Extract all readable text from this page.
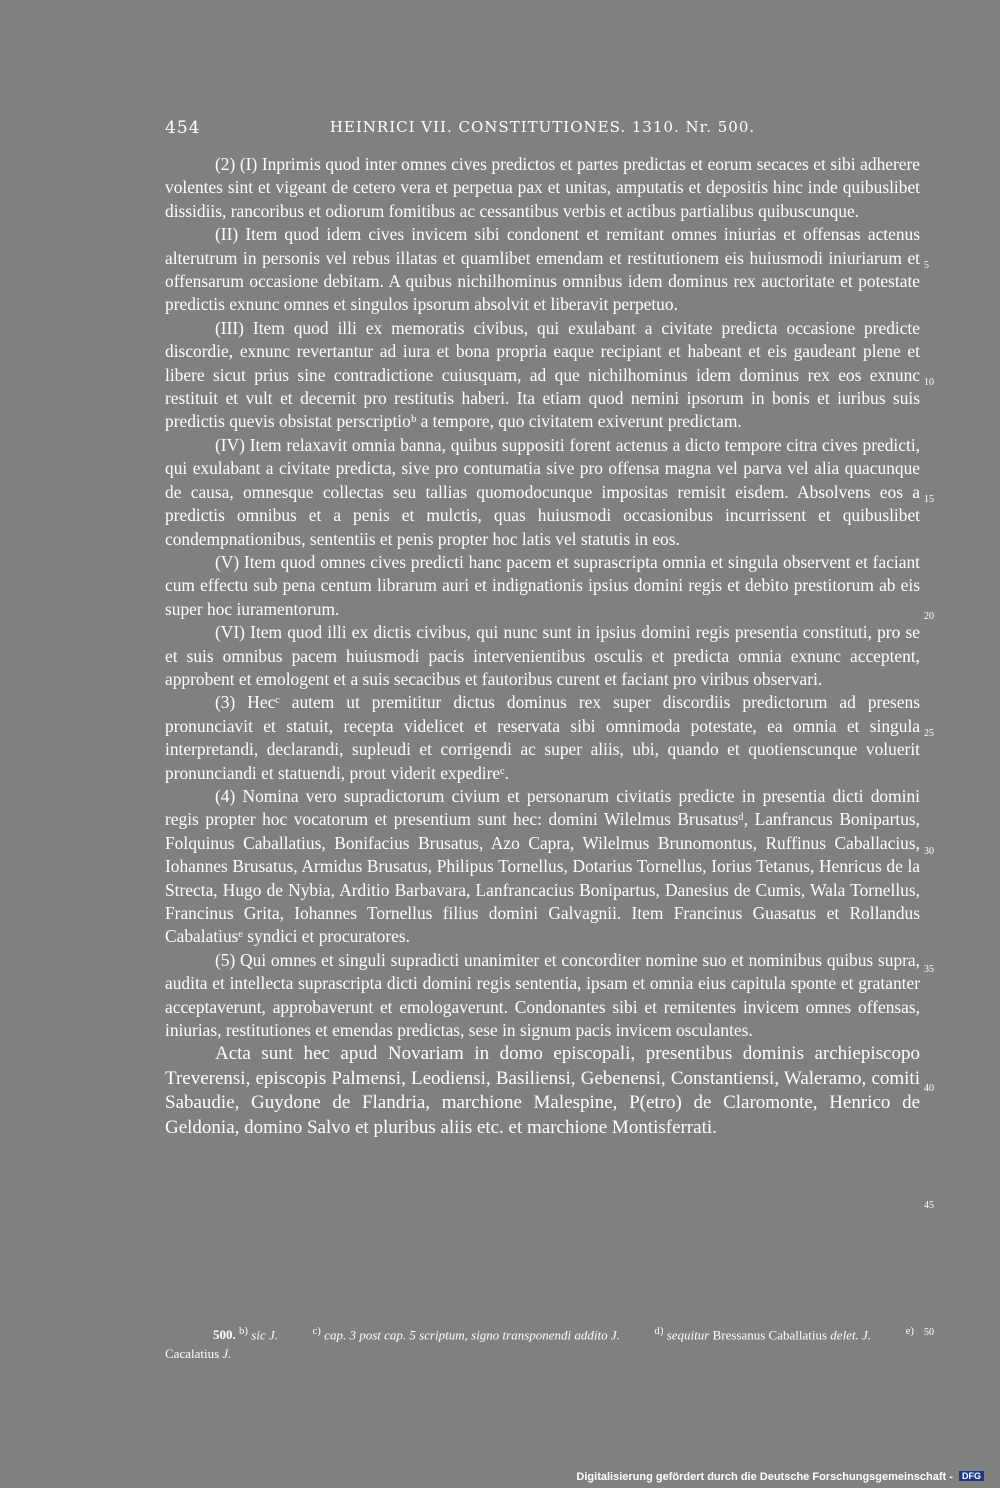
454	HEINRICI VII. CONSTITUTIONES. 1310. Nr. 500.

(2) (I) Inprimis quod inter omnes cives predictos et partes predictas et eorum secaces et sibi adherere volentes sint et vigeant de cetero vera et perpetua pax et unitas, amputatis et depositis hinc inde quibuslibet dissidiis, rancoribus et odiorum fomitibus ac cessantibus verbis et actibus partialibus quibuscunque.

(II) Item quod idem cives invicem sibi condonent et remitant omnes iniurias et offensas actenus alterutrum in personis vel rebus illatas et quamlibet emendam et restitutionem eis huiusmodi iniuriarum et offensarum occasione debitam. A quibus nichilhominus omnibus idem dominus rex auctoritate et potestate predictis exnunc omnes et singulos ipsorum absolvit et liberavit perpetuo.

(III) Item quod illi ex memoratis civibus, qui exulabant a civitate predicta occasione predicte discordie, exnunc revertantur ad iura et bona propria eaque recipiant et habeant et eis gaudeant plene et libere sicut prius sine contradictione cuiusquam, ad que nichilhominus idem dominus rex eos exnunc restituit et vult et decernit pro restitutis haberi. Ita etiam quod nemini ipsorum in bonis et iuribus suis predictis quevis obsistat perscriptioᵇ a tempore, quo civitatem exiverunt predictam.

(IV) Item relaxavit omnia banna, quibus suppositi forent actenus a dicto tempore citra cives predicti, qui exulabant a civitate predicta, sive pro contumatia sive pro offensa magna vel parva vel alia quacunque de causa, omnesque collectas seu tallias quomodocunque impositas remisit eisdem. Absolvens eos a predictis omnibus et a penis et mulctis, quas huiusmodi occasionibus incurrissent et quibuslibet condempnationibus, sententiis et penis propter hoc latis vel statutis in eos.

(V) Item quod omnes cives predicti hanc pacem et suprascripta omnia et singula observent et faciant cum effectu sub pena centum librarum auri et indignationis ipsius domini regis et debito prestitorum ab eis super hoc iuramentorum.

(VI) Item quod illi ex dictis civibus, qui nunc sunt in ipsius domini regis presentia constituti, pro se et suis omnibus pacem huiusmodi pacis intervenientibus osculis et predicta omnia exnunc acceptent, approbent et emologent et a suis secacibus et fautoribus curent et faciant pro viribus observari.

(3) Hecᶜ autem ut premititur dictus dominus rex super discordiis predictorum ad presens pronunciavit et statuit, recepta videlicet et reservata sibi omnimoda potestate, ea omnia et singula interpretandi, declarandi, supleudi et corrigendi ac super aliis, ubi, quando et quotienscunque voluerit pronunciandi et statuendi, prout viderit expedireᶜ.

(4) Nomina vero supradictorum civium et personarum civitatis predicte in presentia dicti domini regis propter hoc vocatorum et presentium sunt hec: domini Wilelmus Brusatusᵈ, Lanfrancus Bonipartus, Folquinus Caballatius, Bonifacius Brusatus, Azo Capra, Wilelmus Brunomontus, Ruffinus Caballacius, Iohannes Brusatus, Armidus Brusatus, Philipus Tornellus, Dotarius Tornellus, Iorius Tetanus, Henricus de la Strecta, Hugo de Nybia, Arditio Barbavara, Lanfrancacius Bonipartus, Danesius de Cumis, Wala Tornellus, Francinus Grita, Iohannes Tornellus filius domini Galvagnii. Item Francinus Guasatus et Rollandus Cabalatiusᵉ syndici et procuratores.

(5) Qui omnes et singuli supradicti unanimiter et concorditer nomine suo et nominibus quibus supra, audita et intellecta suprascripta dicti domini regis sententia, ipsam et omnia eius capitula sponte et gratanter acceptaverunt, approbaverunt et emologaverunt. Condonantes sibi et remitentes invicem omnes offensas, iniurias, restitutiones et emendas predictas, sese in signum pacis invicem osculantes.

Acta sunt hec apud Novariam in domo episcopali, presentibus dominis archiepiscopo Treverensi, episcopis Palmensi, Leodiensi, Basiliensi, Gebenensi, Constantiensi, Waleramo, comiti Sabaudie, Guydone de Flandria, marchione Malespine, P(etro) de Claromonte, Henrico de Geldonia, domino Salvo et pluribus aliis etc. et marchione Montisferrati.

5
10
15
20
25
30
35
40
45
50

500. $^{b)}$ sic J.	$^{c)}$ cap. 3 post cap. 5 scriptum, signo transponendi addito J.	$^{d)}$ sequitur Bressanus Caballatius delet. J.	$^{e)}$ Cacalatius J.

Digitalisierung gefördert durch die Deutsche Forschungsgemeinschaft - DFG
